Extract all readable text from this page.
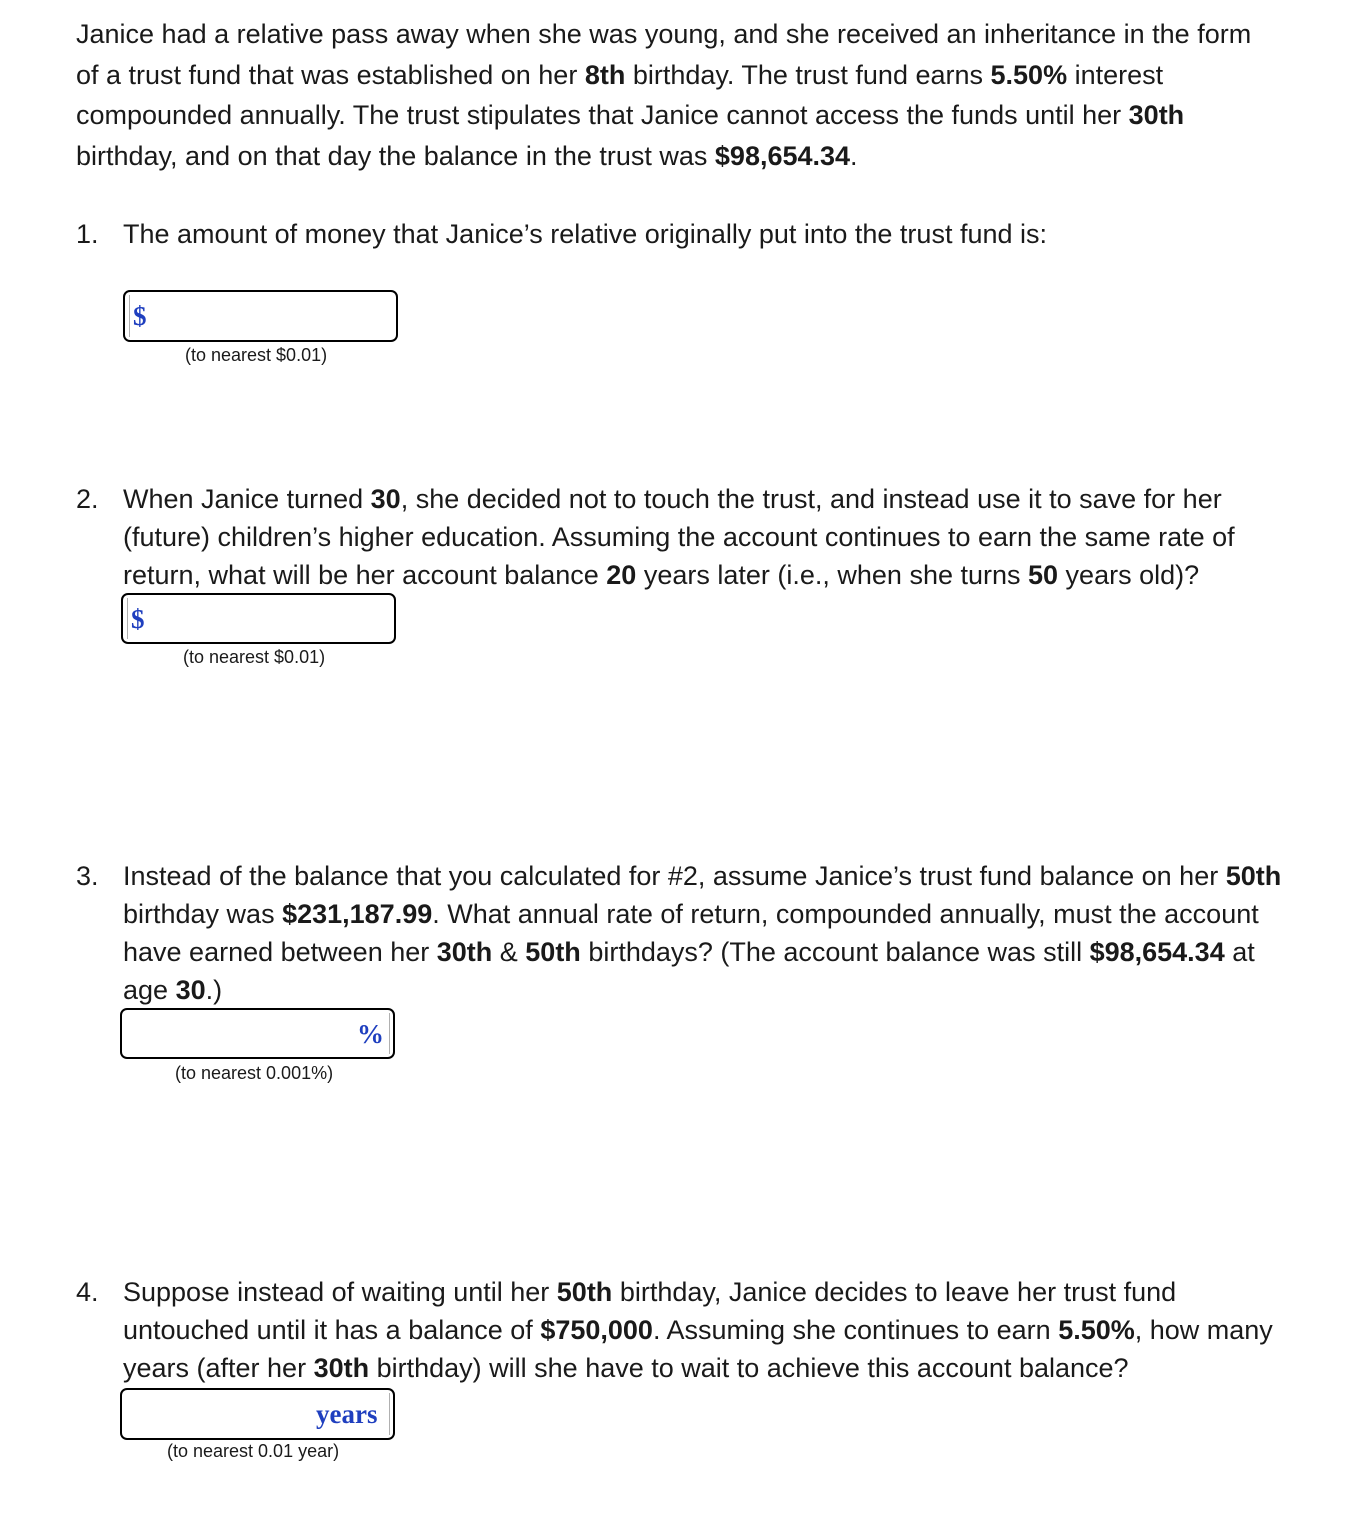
Janice had a relative pass away when she was young, and she received an inheritance in the form of a trust fund that was established on her 8th birthday. The trust fund earns 5.50% interest compounded annually. The trust stipulates that Janice cannot access the funds until her 30th birthday, and on that day the balance in the trust was $98,654.34.

1. The amount of money that Janice’s relative originally put into the trust fund is:
$
(to nearest $0.01)
2. When Janice turned 30, she decided not to touch the trust, and instead use it to save for her (future) children’s higher education. Assuming the account continues to earn the same rate of return, what will be her account balance 20 years later (i.e., when she turns 50 years old)?
$
(to nearest $0.01)
3. Instead of the balance that you calculated for #2, assume Janice’s trust fund balance on her 50th birthday was $231,187.99. What annual rate of return, compounded annually, must the account have earned between her 30th & 50th birthdays? (The account balance was still $98,654.34 at age 30.)
%
(to nearest 0.001%)
4. Suppose instead of waiting until her 50th birthday, Janice decides to leave her trust fund untouched until it has a balance of $750,000. Assuming she continues to earn 5.50%, how many years (after her 30th birthday) will she have to wait to achieve this account balance?
years
(to nearest 0.01 year)
